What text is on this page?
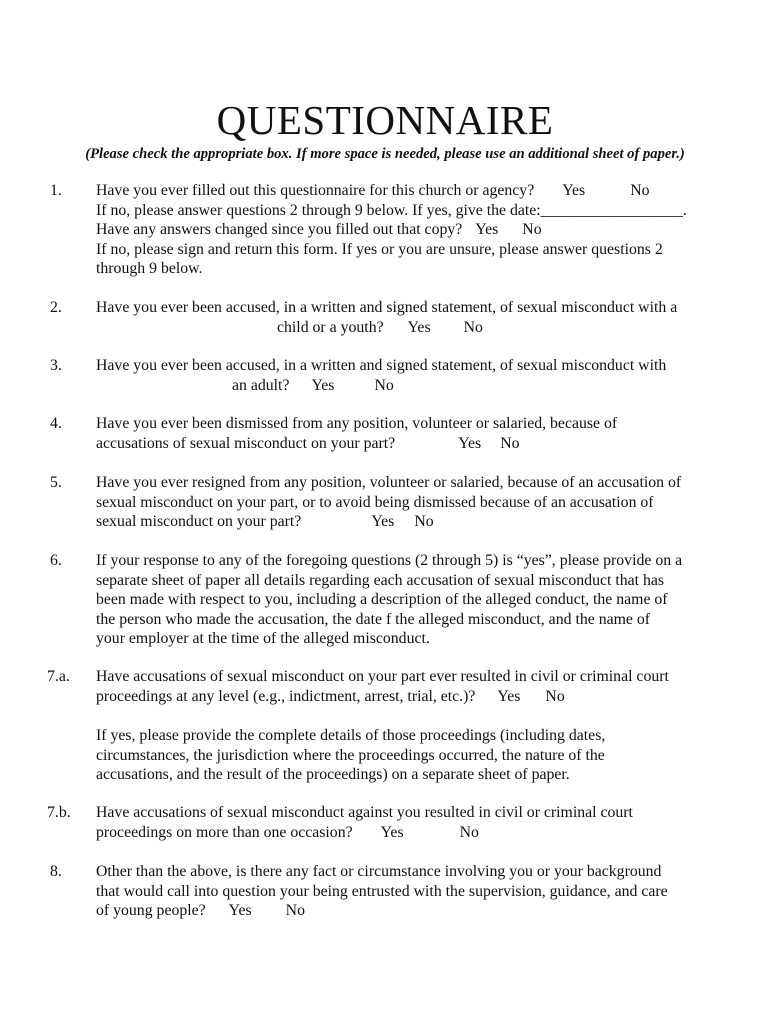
QUESTIONNAIRE
(Please check the appropriate box. If more space is needed, please use an additional sheet of paper.)
1. Have you ever filled out this questionnaire for this church or agency? Yes	No
If no, please answer questions 2 through 9 below. If yes, give the date:__________________.
Have any answers changed since you filled out that copy? Yes No
If no, please sign and return this form. If yes or you are unsure, please answer questions 2
through 9 below.
2. Have you ever been accused, in a written and signed statement, of sexual misconduct with a
child or a youth? Yes No
3. Have you ever been accused, in a written and signed statement, of sexual misconduct with
an adult? Yes	No
4. Have you ever been dismissed from any position, volunteer or salaried, because of
accusations of sexual misconduct on your part?	Yes No
5. Have you ever resigned from any position, volunteer or salaried, because of an accusation of
sexual misconduct on your part, or to avoid being dismissed because of an accusation of
sexual misconduct on your part?	Yes No
6. If your response to any of the foregoing questions (2 through 5) is “yes”, please provide on a
separate sheet of paper all details regarding each accusation of sexual misconduct that has
been made with respect to you, including a description of the alleged conduct, the name of
the person who made the accusation, the date f the alleged misconduct, and the name of
your employer at the time of the alleged misconduct.
7.a. Have accusations of sexual misconduct on your part ever resulted in civil or criminal court
proceedings at any level (e.g., indictment, arrest, trial, etc.)? Yes No
If yes, please provide the complete details of those proceedings (including dates,
circumstances, the jurisdiction where the proceedings occurred, the nature of the
accusations, and the result of the proceedings) on a separate sheet of paper.
7.b. Have accusations of sexual misconduct against you resulted in civil or criminal court
proceedings on more than one occasion? Yes	No
8. Other than the above, is there any fact or circumstance involving you or your background
that would call into question your being entrusted with the supervision, guidance, and care
of young people? Yes No
